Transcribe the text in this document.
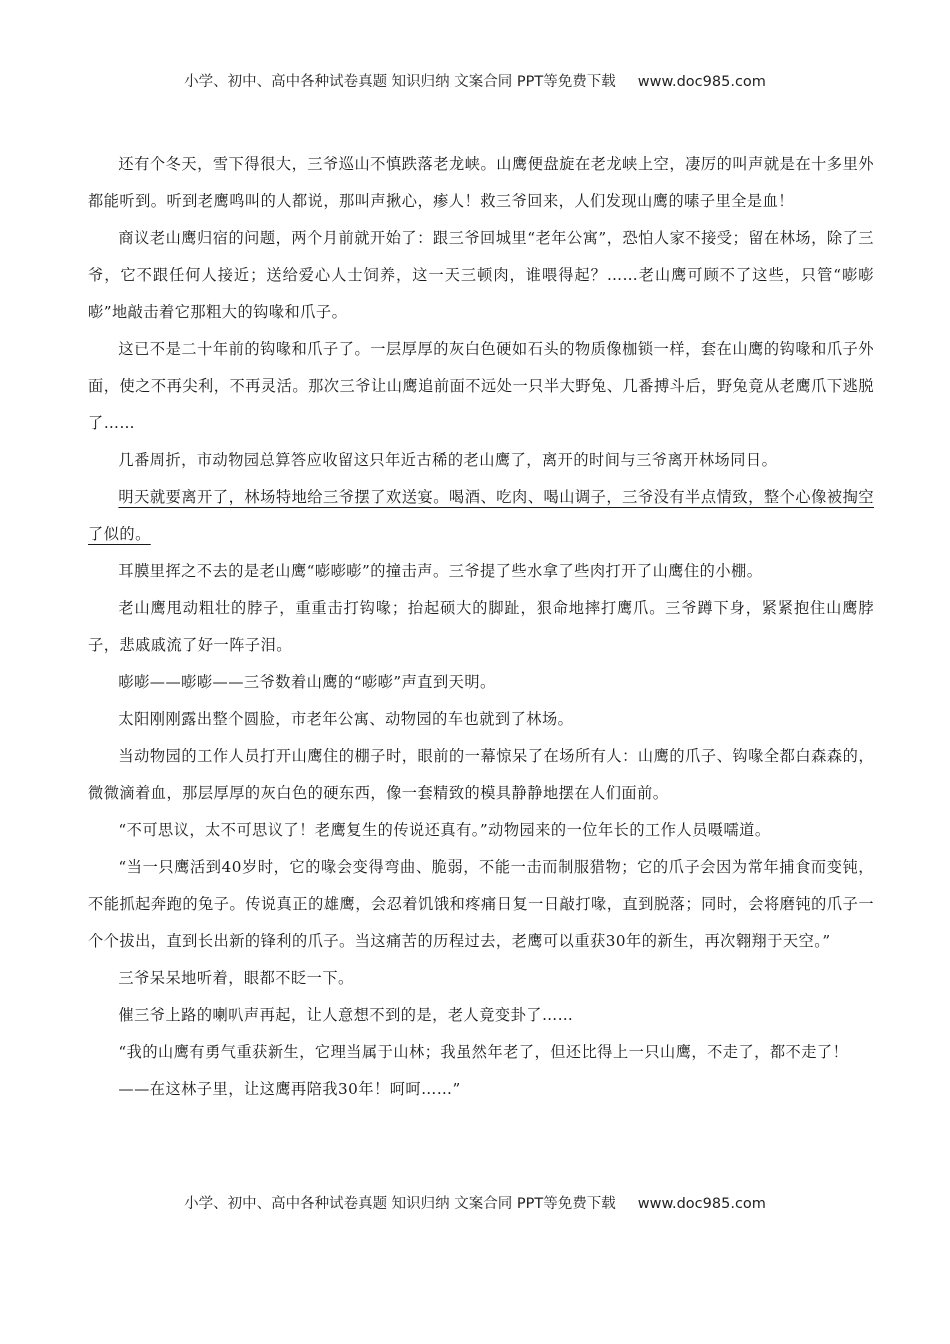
小学、初中、高中各种试卷真题 知识归纳 文案合同 PPT等免费下载 www.doc985.com

还有个冬天，雪下得很大，三爷巡山不慎跌落老龙峡。山鹰便盘旋在老龙峡上空，凄厉的叫声就是在十多里外都能听到。听到老鹰鸣叫的人都说，那叫声揪心，瘆人！救三爷回来，人们发现山鹰的嗉子里全是血！

商议老山鹰归宿的问题，两个月前就开始了：跟三爷回城里“老年公寓”，恐怕人家不接受；留在林场，除了三爷，它不跟任何人接近；送给爱心人士饲养，这一天三顿肉，谁喂得起？……老山鹰可顾不了这些，只管“嘭嘭嘭”地敲击着它那粗大的钩喙和爪子。

这已不是二十年前的钩喙和爪子了。一层厚厚的灰白色硬如石头的物质像枷锁一样，套在山鹰的钩喙和爪子外面，使之不再尖利，不再灵活。那次三爷让山鹰追前面不远处一只半大野兔、几番搏斗后，野兔竟从老鹰爪下逃脱了……

几番周折，市动物园总算答应收留这只年近古稀的老山鹰了，离开的时间与三爷离开林场同日。

明天就要离开了，林场特地给三爷摆了欢送宴。喝酒、吃肉、喝山调子，三爷没有半点情致，整个心像被掏空了似的。

耳膜里挥之不去的是老山鹰“嘭嘭嘭”的撞击声。三爷提了些水拿了些肉打开了山鹰住的小棚。

老山鹰甩动粗壮的脖子，重重击打钩喙；抬起硕大的脚趾，狠命地摔打鹰爪。三爷蹲下身，紧紧抱住山鹰脖子，悲戚戚流了好一阵子泪。

嘭嘭——嘭嘭——三爷数着山鹰的“嘭嘭”声直到天明。

太阳刚刚露出整个圆脸，市老年公寓、动物园的车也就到了林场。

当动物园的工作人员打开山鹰住的棚子时，眼前的一幕惊呆了在场所有人：山鹰的爪子、钩喙全都白森森的，微微滴着血，那层厚厚的灰白色的硬东西，像一套精致的模具静静地摆在人们面前。

“不可思议，太不可思议了！老鹰复生的传说还真有。”动物园来的一位年长的工作人员嗫嚅道。

“当一只鹰活到40岁时，它的喙会变得弯曲、脆弱，不能一击而制服猎物；它的爪子会因为常年捕食而变钝，不能抓起奔跑的兔子。传说真正的雄鹰，会忍着饥饿和疼痛日复一日敲打喙，直到脱落；同时，会将磨钝的爪子一个个拔出，直到长出新的锋利的爪子。当这痛苦的历程过去，老鹰可以重获30年的新生，再次翱翔于天空。”

三爷呆呆地听着，眼都不眨一下。

催三爷上路的喇叭声再起，让人意想不到的是，老人竟变卦了……

“我的山鹰有勇气重获新生，它理当属于山林；我虽然年老了，但还比得上一只山鹰，不走了，都不走了！

——在这林子里，让这鹰再陪我30年！呵呵……”

小学、初中、高中各种试卷真题 知识归纳 文案合同 PPT等免费下载 www.doc985.com
